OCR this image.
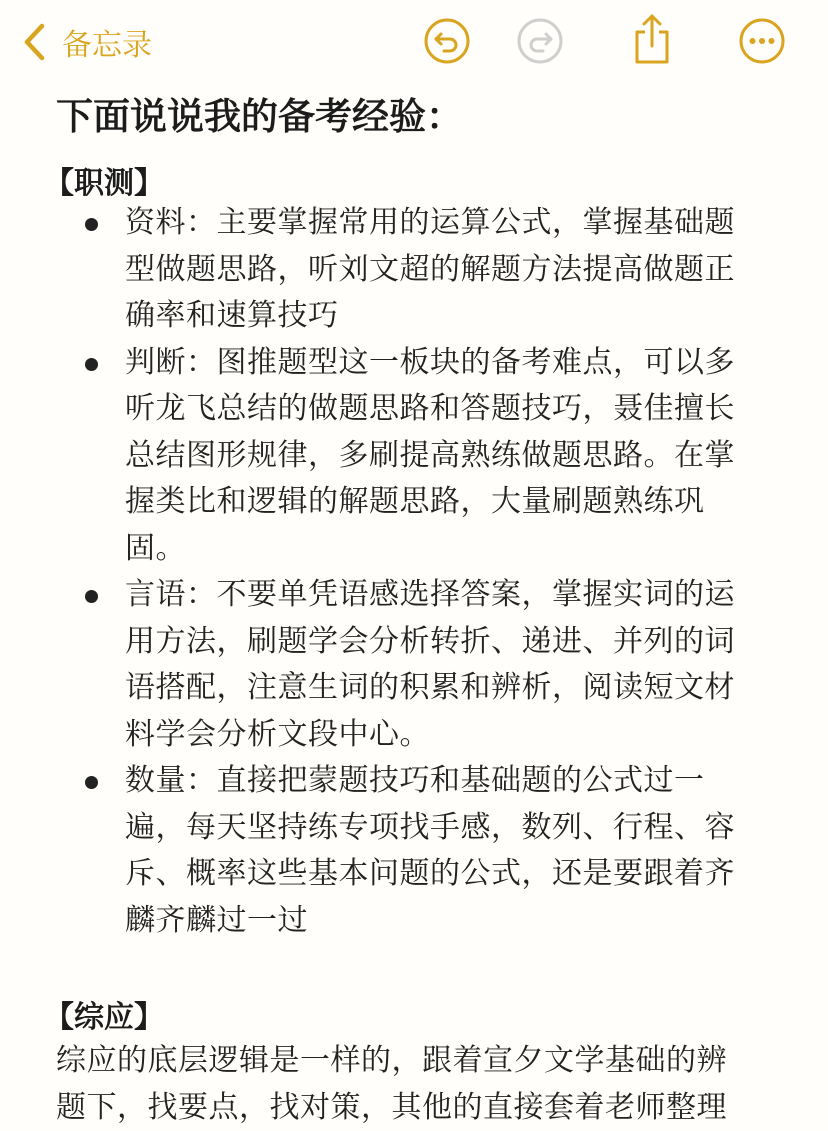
备忘录
下面说说我的备考经验：

【职测】

资料：主要掌握常用的运算公式，掌握基础题
型做题思路，听刘文超的解题方法提高做题正
确率和速算技巧
判断：图推题型这一板块的备考难点，可以多
听龙飞总结的做题思路和答题技巧，聂佳擅长
总结图形规律，多刷提高熟练做题思路。在掌
握类比和逻辑的解题思路，大量刷题熟练巩
固。
言语：不要单凭语感选择答案，掌握实词的运
用方法，刷题学会分析转折、递进、并列的词
语搭配，注意生词的积累和辨析，阅读短文材
料学会分析文段中心。
数量：直接把蒙题技巧和基础题的公式过一
遍，每天坚持练专项找手感，数列、行程、容
斥、概率这些基本问题的公式，还是要跟着齐
麟齐麟过一过

【综应】

综应的底层逻辑是一样的，跟着宣夕文学基础的辨
题下，找要点，找对策，其他的直接套着老师整理
